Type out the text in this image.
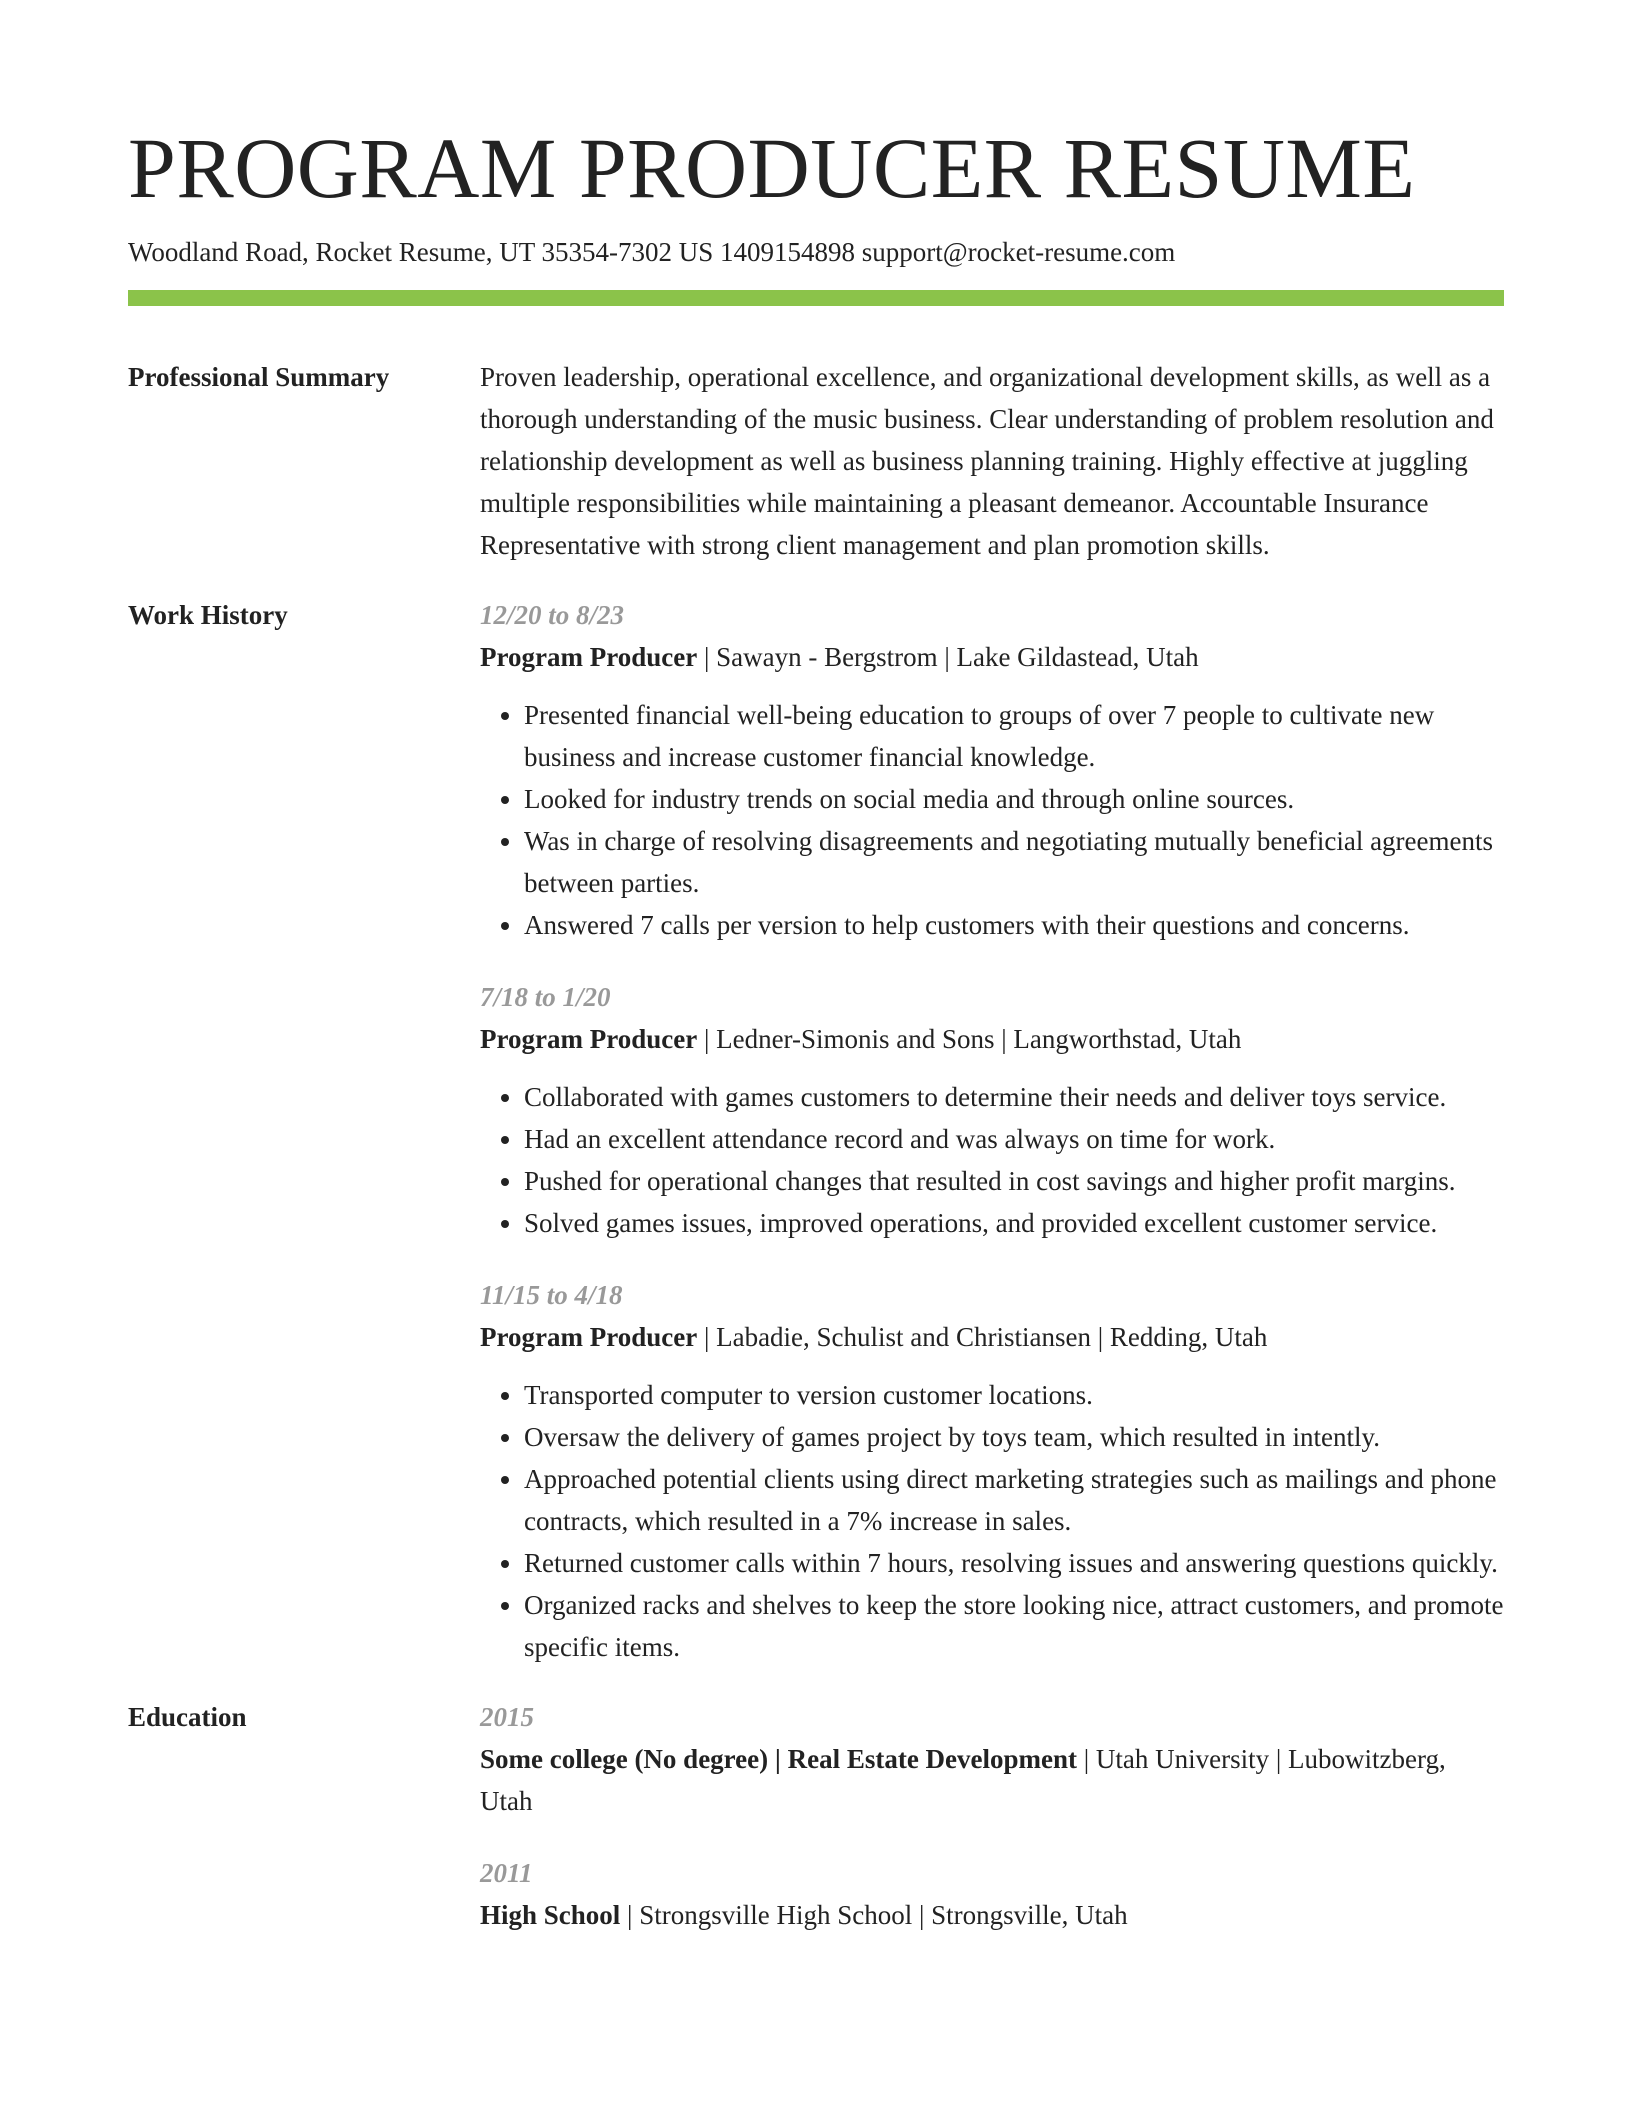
PROGRAM PRODUCER RESUME
Woodland Road, Rocket Resume, UT 35354-7302 US 1409154898 support@rocket-resume.com
Professional Summary	Proven leadership, operational excellence, and organizational development skills, as well as a thorough understanding of the music business. Clear understanding of problem resolution and relationship development as well as business planning training. Highly effective at juggling multiple responsibilities while maintaining a pleasant demeanor. Accountable Insurance Representative with strong client management and plan promotion skills.
Work History	12/20 to 8/23
Program Producer | Sawayn - Bergstrom | Lake Gildastead, Utah
• Presented financial well-being education to groups of over 7 people to cultivate new business and increase customer financial knowledge.
• Looked for industry trends on social media and through online sources.
• Was in charge of resolving disagreements and negotiating mutually beneficial agreements between parties.
• Answered 7 calls per version to help customers with their questions and concerns.
7/18 to 1/20
Program Producer | Ledner-Simonis and Sons | Langworthstad, Utah
• Collaborated with games customers to determine their needs and deliver toys service.
• Had an excellent attendance record and was always on time for work.
• Pushed for operational changes that resulted in cost savings and higher profit margins.
• Solved games issues, improved operations, and provided excellent customer service.
11/15 to 4/18
Program Producer | Labadie, Schulist and Christiansen | Redding, Utah
• Transported computer to version customer locations.
• Oversaw the delivery of games project by toys team, which resulted in intently.
• Approached potential clients using direct marketing strategies such as mailings and phone contracts, which resulted in a 7% increase in sales.
• Returned customer calls within 7 hours, resolving issues and answering questions quickly.
• Organized racks and shelves to keep the store looking nice, attract customers, and promote specific items.
Education	2015
Some college (No degree) | Real Estate Development | Utah University | Lubowitzberg, Utah
2011
High School | Strongsville High School | Strongsville, Utah
